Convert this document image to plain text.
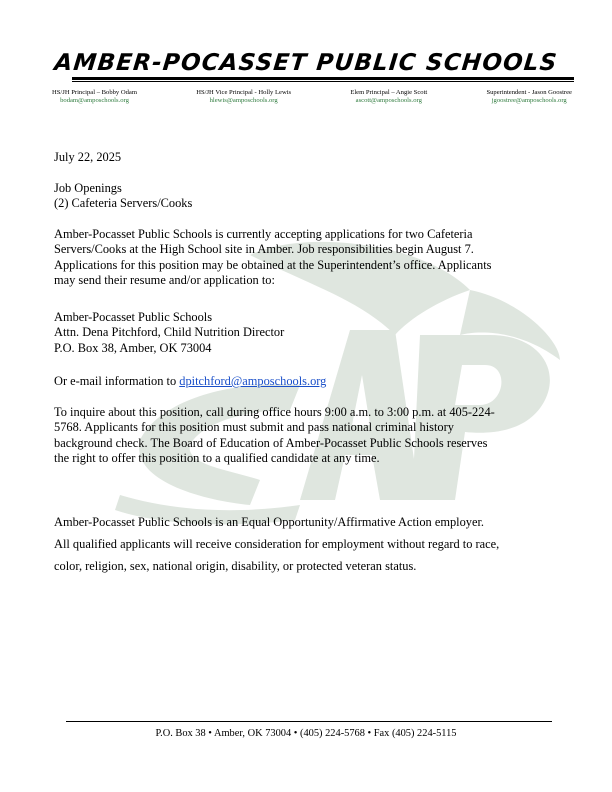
AMBER-POCASSET PUBLIC SCHOOLS
HS/JH Principal – Bobby Odam
bodam@amposchools.org
HS/JH Vice Principal - Holly Lewis
hlewis@amposchools.org
Elem Principal – Angie Scott
ascott@amposchools.org
Superintendent - Jason Goostree
jgoostree@amposchools.org
July 22, 2025
Job Openings
(2) Cafeteria Servers/Cooks
Amber-Pocasset Public Schools is currently accepting applications for two Cafeteria
Servers/Cooks at the High School site in Amber. Job responsibilities begin August 7.
Applications for this position may be obtained at the Superintendent’s office. Applicants
may send their resume and/or application to:
Amber-Pocasset Public Schools
Attn. Dena Pitchford, Child Nutrition Director
P.O. Box 38, Amber, OK 73004
Or e-mail information to dpitchford@amposchools.org
To inquire about this position, call during office hours 9:00 a.m. to 3:00 p.m. at 405-224-
5768. Applicants for this position must submit and pass national criminal history
background check. The Board of Education of Amber-Pocasset Public Schools reserves
the right to offer this position to a qualified candidate at any time.
Amber-Pocasset Public Schools is an Equal Opportunity/Affirmative Action employer.
All qualified applicants will receive consideration for employment without regard to race,
color, religion, sex, national origin, disability, or protected veteran status.
P.O. Box 38 • Amber, OK 73004 • (405) 224-5768 • Fax (405) 224-5115
